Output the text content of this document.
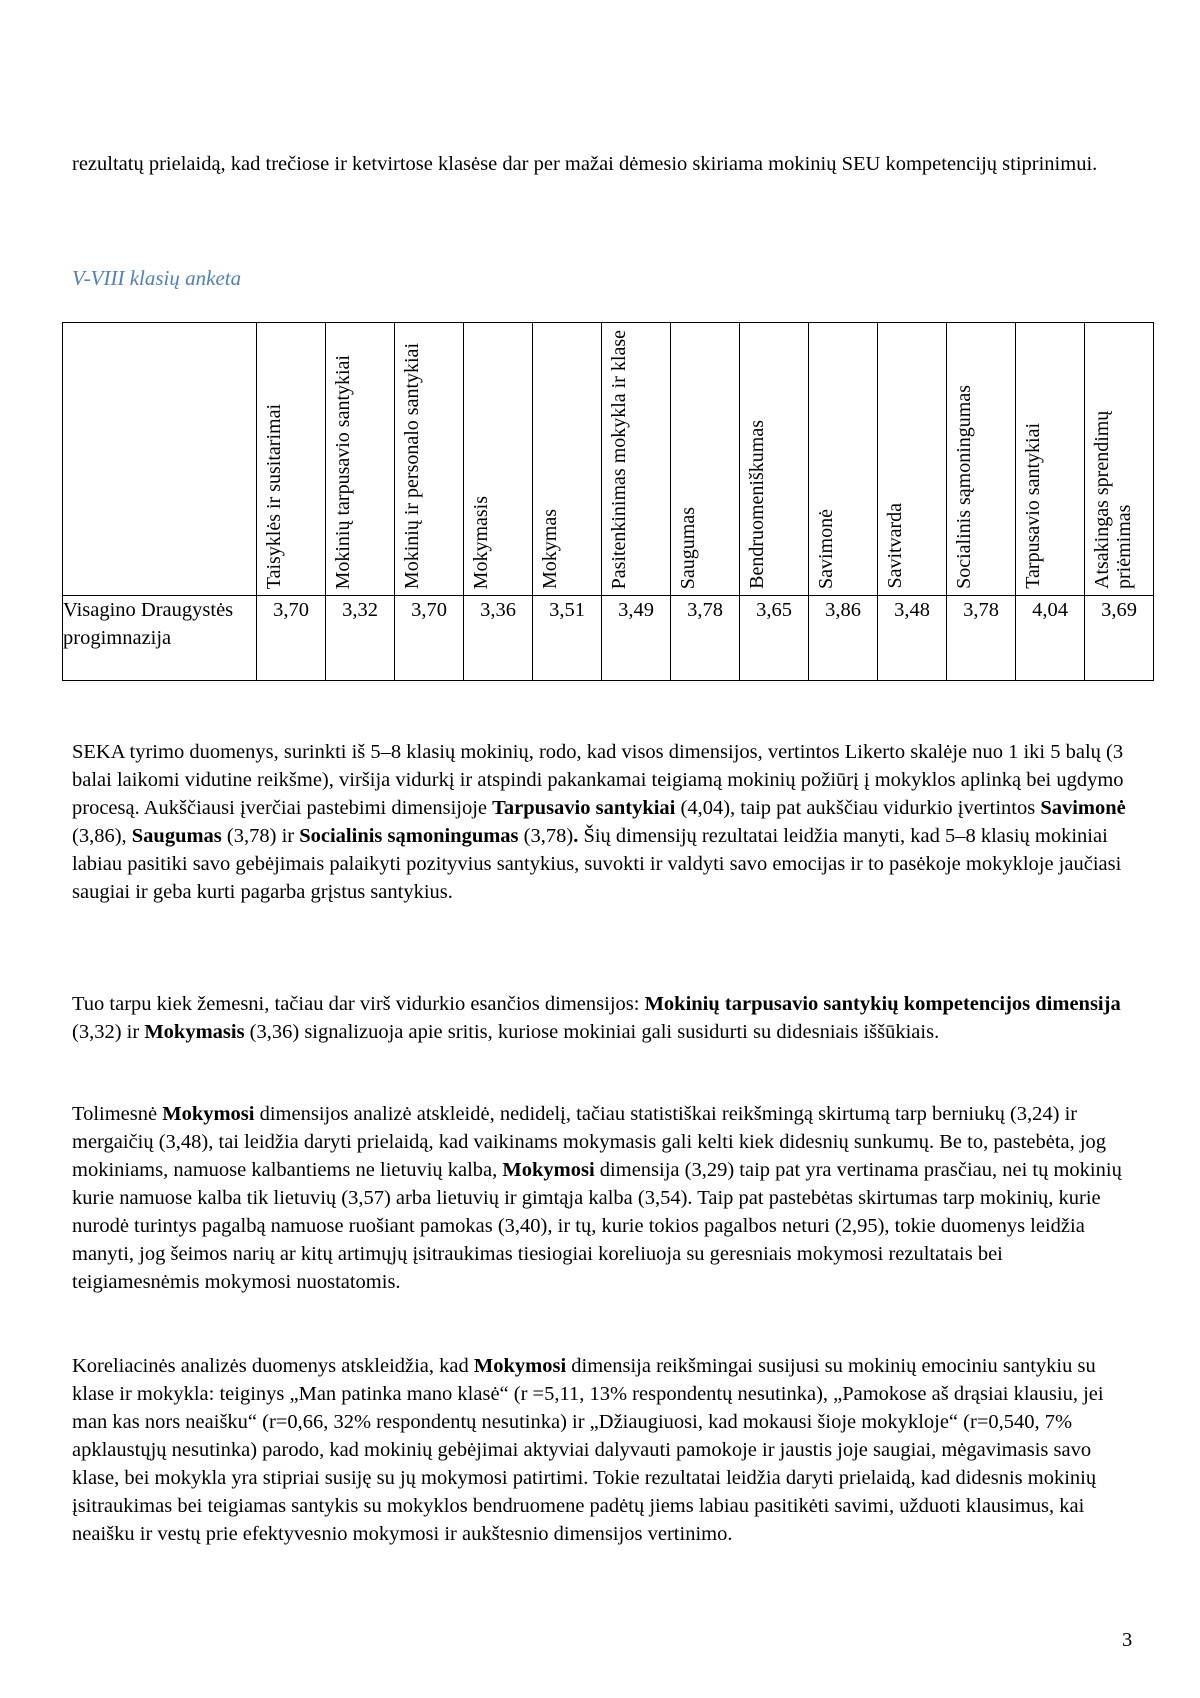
rezultatų prielaidą, kad trečiose ir ketvirtose klasėse dar per mažai dėmesio skiriama mokinių SEU kompetencijų stiprinimui.

V-VIII klasių anketa

	Taisyklės ir susitarimai	Mokinių tarpusavio santykiai	Mokinių ir personalo santykiai	Mokymasis	Mokymas	Pasitenkinimas mokykla ir klase	Saugumas	Bendruomeniškumas	Savimonė	Savitvarda	Socialinis sąmoningumas	Tarpusavio santykiai	Atsakingas sprendimų priėmimas

Visagino Draugystės progimnazija	3,70	3,32	3,70	3,36	3,51	3,49	3,78	3,65	3,86	3,48	3,78	4,04	3,69

SEKA tyrimo duomenys, surinkti iš 5–8 klasių mokinių, rodo, kad visos dimensijos, vertintos Likerto skalėje nuo 1 iki 5 balų (3 balai laikomi vidutine reikšme), viršija vidurkį ir atspindi pakankamai teigiamą mokinių požiūrį į mokyklos aplinką bei ugdymo procesą. Aukščiausi įverčiai pastebimi dimensijoje Tarpusavio santykiai (4,04), taip pat aukščiau vidurkio įvertintos Savimonė (3,86), Saugumas (3,78) ir Socialinis sąmoningumas (3,78). Šių dimensijų rezultatai leidžia manyti, kad 5–8 klasių mokiniai labiau pasitiki savo gebėjimais palaikyti pozityvius santykius, suvokti ir valdyti savo emocijas ir to pasėkoje mokykloje jaučiasi saugiai ir geba kurti pagarba grįstus santykius.

Tuo tarpu kiek žemesni, tačiau dar virš vidurkio esančios dimensijos: Mokinių tarpusavio santykių kompetencijos dimensija (3,32) ir Mokymasis (3,36) signalizuoja apie sritis, kuriose mokiniai gali susidurti su didesniais iššūkiais.

Tolimesnė Mokymosi dimensijos analizė atskleidė, nedidelį, tačiau statistiškai reikšmingą skirtumą tarp berniukų (3,24) ir mergaičių (3,48), tai leidžia daryti prielaidą, kad vaikinams mokymasis gali kelti kiek didesnių sunkumų. Be to, pastebėta, jog mokiniams, namuose kalbantiems ne lietuvių kalba, Mokymosi dimensija (3,29) taip pat yra vertinama prasčiau, nei tų mokinių kurie namuose kalba tik lietuvių (3,57) arba lietuvių ir gimtąja kalba (3,54). Taip pat pastebėtas skirtumas tarp mokinių, kurie nurodė turintys pagalbą namuose ruošiant pamokas (3,40), ir tų, kurie tokios pagalbos neturi (2,95), tokie duomenys leidžia manyti, jog šeimos narių ar kitų artimųjų įsitraukimas tiesiogiai koreliuoja su geresniais mokymosi rezultatais bei teigiamesnėmis mokymosi nuostatomis.

Koreliacinės analizės duomenys atskleidžia, kad Mokymosi dimensija reikšmingai susijusi su mokinių emociniu santykiu su klase ir mokykla: teiginys „Man patinka mano klasė“ (r =5,11, 13% respondentų nesutinka), „Pamokose aš drąsiai klausiu, jei man kas nors neaišku“ (r=0,66, 32% respondentų nesutinka) ir „Džiaugiuosi, kad mokausi šioje mokykloje“ (r=0,540, 7% apklaustųjų nesutinka) parodo, kad mokinių gebėjimai aktyviai dalyvauti pamokoje ir jaustis joje saugiai, mėgavimasis savo klase, bei mokykla yra stipriai susiję su jų mokymosi patirtimi. Tokie rezultatai leidžia daryti prielaidą, kad didesnis mokinių įsitraukimas bei teigiamas santykis su mokyklos bendruomene padėtų jiems labiau pasitikėti savimi, užduoti klausimus, kai neaišku ir vestų prie efektyvesnio mokymosi ir aukštesnio dimensijos vertinimo.

3
